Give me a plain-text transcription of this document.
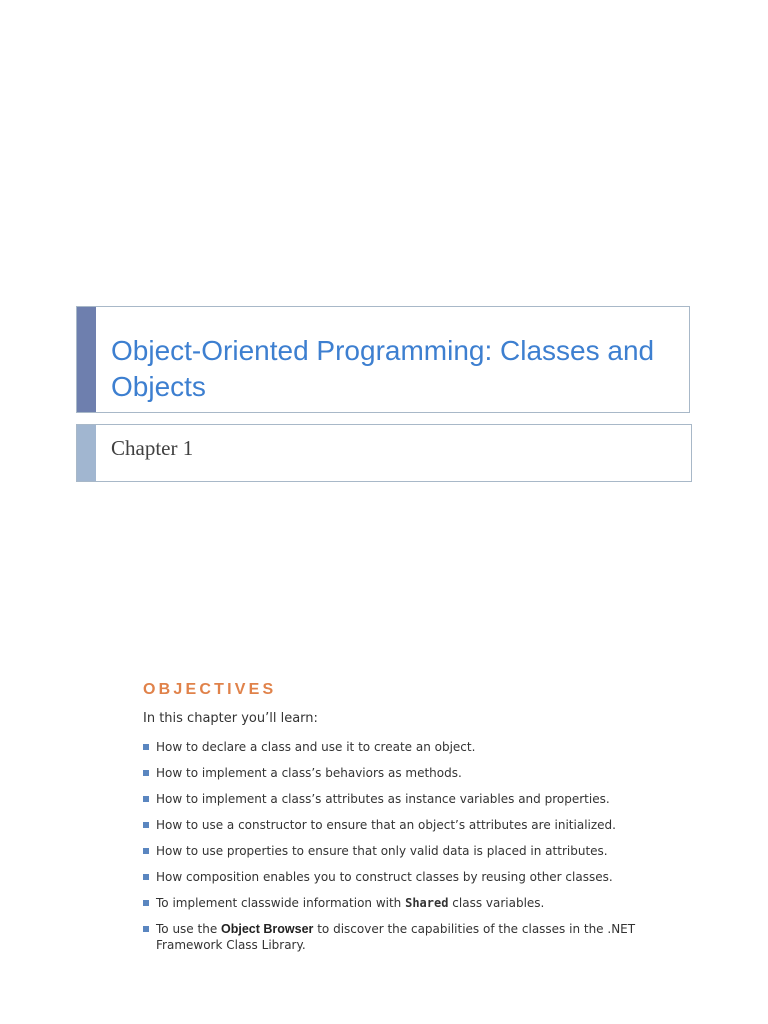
Object-Oriented Programming: Classes and Objects
Chapter 1
OBJECTIVES
In this chapter you’ll learn:
How to declare a class and use it to create an object.
How to implement a class’s behaviors as methods.
How to implement a class’s attributes as instance variables and properties.
How to use a constructor to ensure that an object’s attributes are initialized.
How to use properties to ensure that only valid data is placed in attributes.
How composition enables you to construct classes by reusing other classes.
To implement classwide information with Shared class variables.
To use the Object Browser to discover the capabilities of the classes in the .NET Framework Class Library.
